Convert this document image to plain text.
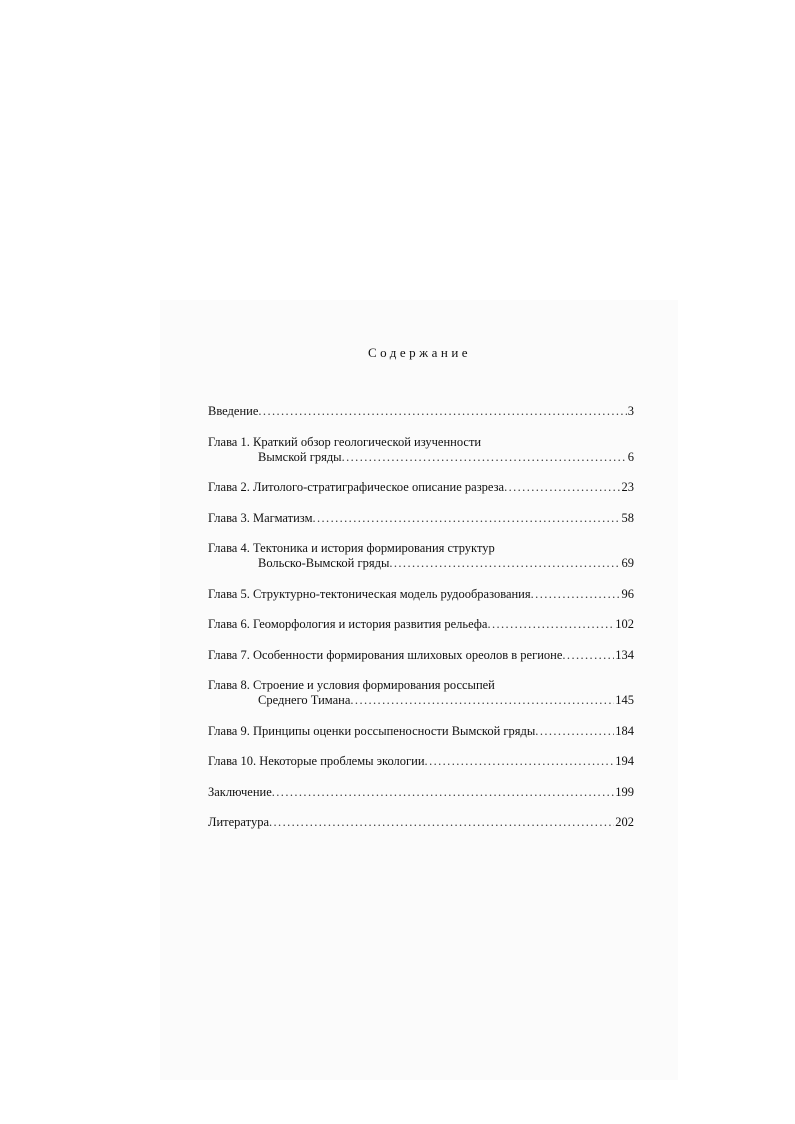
Содержание
Введение .....	3
Глава 1. Краткий обзор геологической изученности
Вымской гряды .....	6
Глава 2. Литолого-стратиграфическое описание разреза .....	23
Глава 3. Магматизм .....	58
Глава 4. Тектоника и история формирования структур
Вольско-Вымской гряды .....	69
Глава 5. Структурно-тектоническая модель рудообразования .....	96
Глава 6. Геоморфология и история развития рельефа .....	102
Глава 7. Особенности формирования шлиховых ореолов в регионе .....	134
Глава 8. Строение и условия формирования россыпей
Среднего Тимана .....	145
Глава 9. Принципы оценки россыпеносности Вымской гряды .....	184
Глава 10. Некоторые проблемы экологии .....	194
Заключение .....	199
Литература .....	202
